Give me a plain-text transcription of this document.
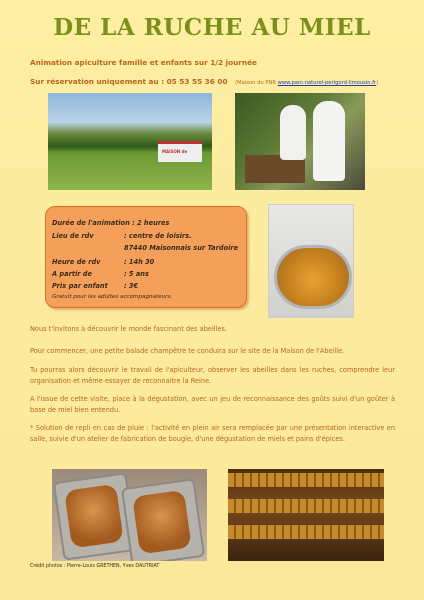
DE LA RUCHE AU MIEL
Animation apiculture famille et enfants sur 1/2 journée
Sur réservation uniquement au : 05 53 55 36 00 (Maison du PNR www.parc-naturel-perigord-limousin.fr)
MAISON de
Durée de l'animation : 2 heures
Lieu de rdv	: centre de loisirs.
87440 Maisonnais sur Tardoire
Heure de rdv	: 14h 30
A partir de	: 5 ans
Prix par enfant : 3€
Gratuit pour les adultes accompagnateurs.
Nous t'invitons à découvrir le monde fascinant des abeilles.
Pour commencer, une petite balade champêtre te conduira sur le site de la Maison de l'Abeille.
Tu pourras alors découvrir le travail de l'apiculteur, observer les abeilles dans les ruches, comprendre leur organisation et même essayer de reconnaitre la Reine.
A l'issue de cette visite, place à la dégustation, avec un jeu de reconnaissance des goûts suivi d'un goûter à base de miel bien entendu.
* Solution de repli en cas de pluie : l'activité en plein air sera remplacée par une présentation interactive en salle, suivie d'un atelier de fabrication de bougie, d'une dégustation de miels et pains d'épices.
Crédit photos : Pierre-Louis GRETHEN, Yves DAUTRIAT
